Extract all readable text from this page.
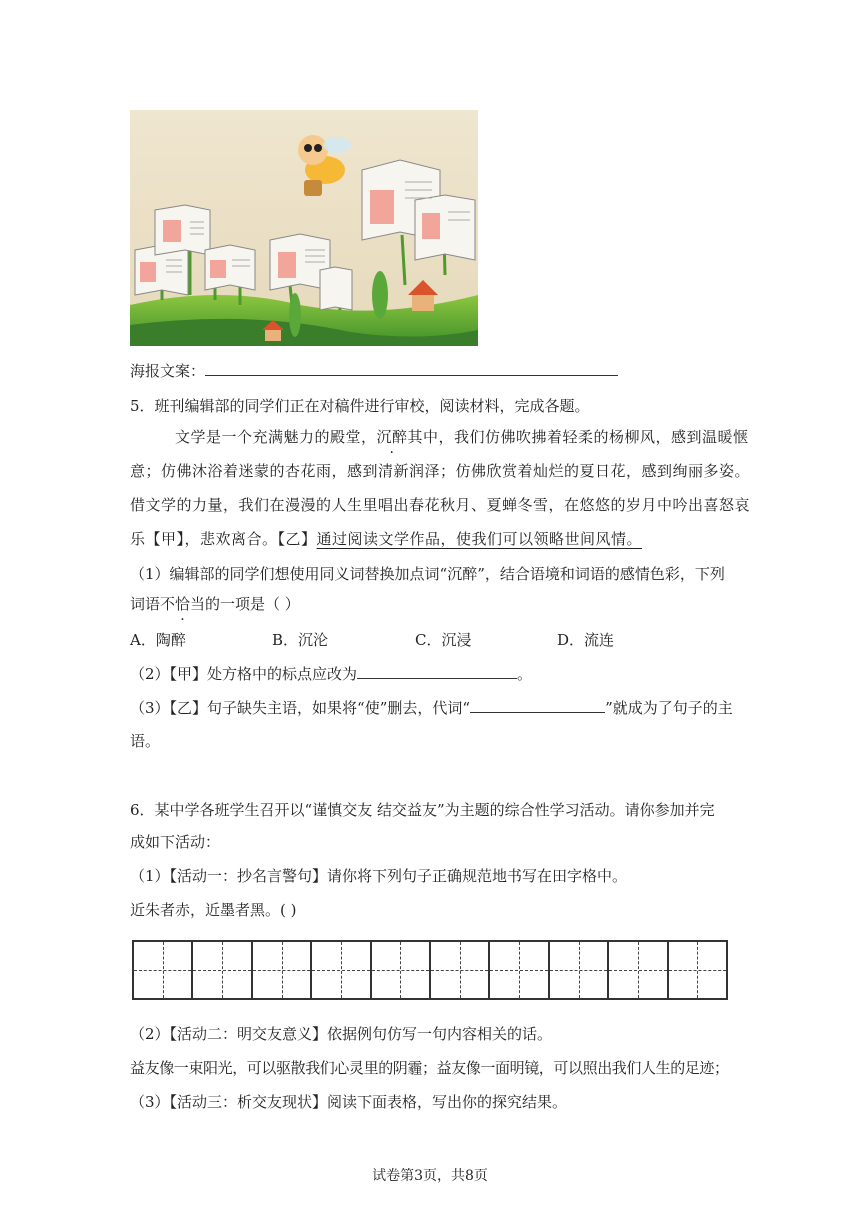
海报文案：
5．班刊编辑部的同学们正在对稿件进行审校，阅读材料，完成各题。
文学是一个充满魅力的殿堂，沉醉其中，我们仿佛吹拂着轻柔的杨柳风，感到温暖惬
意；仿佛沐浴着迷蒙的杏花雨，感到清新润泽；仿佛欣赏着灿烂的夏日花，感到绚丽多姿。
借文学的力量，我们在漫漫的人生里唱出春花秋月、夏蝉冬雪，在悠悠的岁月中吟出喜怒哀
乐【甲】，悲欢离合。【乙】通过阅读文学作品，使我们可以领略世间风情。
（1）编辑部的同学们想使用同义词替换加点词“沉醉”，结合语境和词语的感情色彩，下列
词语不恰当的一项是（ ）
A．陶醉	B．沉沦	C．沉浸	D．流连
（2）【甲】处方格中的标点应改为	。
（3）【乙】句子缺失主语，如果将“使”删去，代词“	”就成为了句子的主
语。
6．某中学各班学生召开以“谨慎交友 结交益友”为主题的综合性学习活动。请你参加并完
成如下活动：
（1）【活动一：抄名言警句】请你将下列句子正确规范地书写在田字格中。
近朱者赤，近墨者黑。( )
（2）【活动二：明交友意义】依据例句仿写一句内容相关的话。
益友像一束阳光，可以驱散我们心灵里的阴霾；益友像一面明镜，可以照出我们人生的足迹；
（3）【活动三：析交友现状】阅读下面表格，写出你的探究结果。
试卷第3页，共8页
